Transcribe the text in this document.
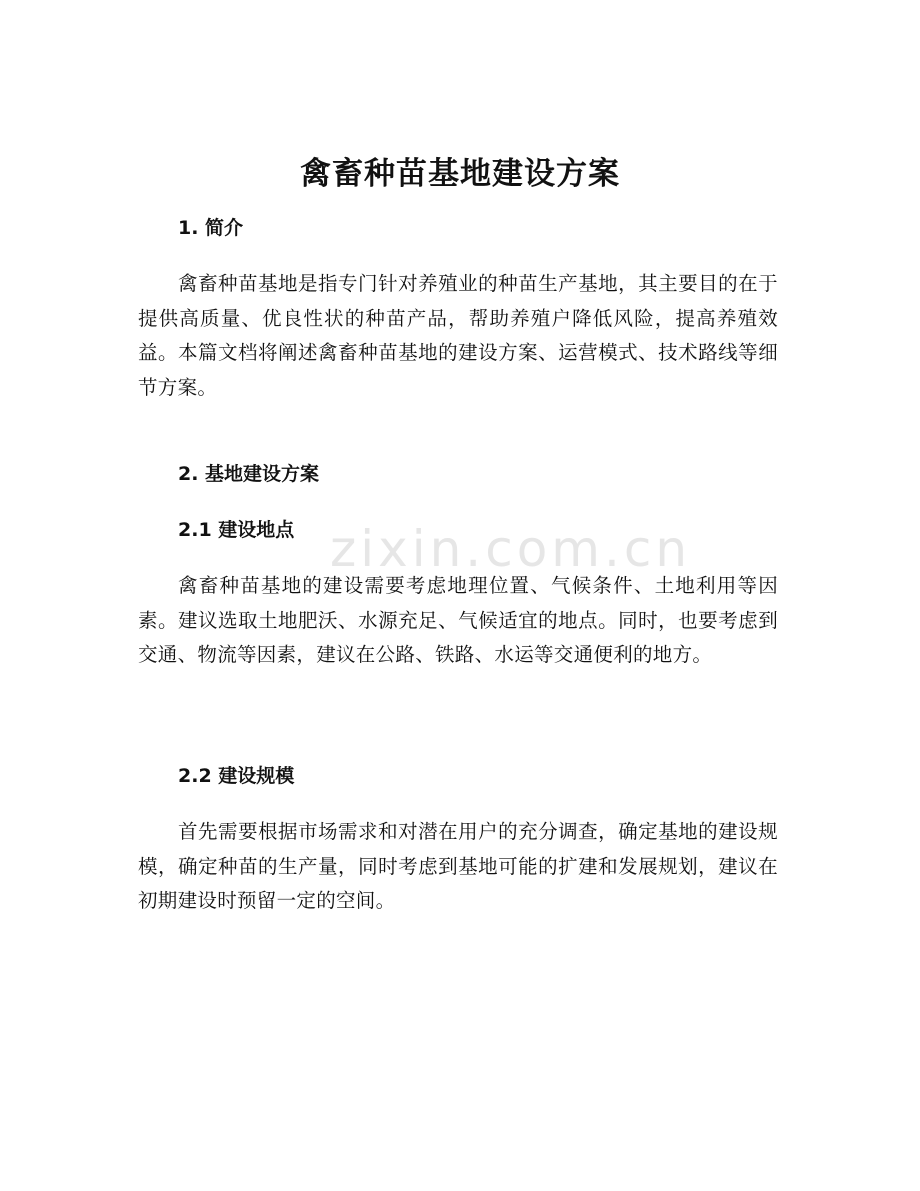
zixin.com.cn
禽畜种苗基地建设方案
1. 简介

禽畜种苗基地是指专门针对养殖业的种苗生产基地，其主要目的在于提供高质量、优良性状的种苗产品，帮助养殖户降低风险，提高养殖效益。本篇文档将阐述禽畜种苗基地的建设方案、运营模式、技术路线等细节方案。

2. 基地建设方案
2.1 建设地点

禽畜种苗基地的建设需要考虑地理位置、气候条件、土地利用等因素。建议选取土地肥沃、水源充足、气候适宜的地点。同时，也要考虑到交通、物流等因素，建议在公路、铁路、水运等交通便利的地方。

2.2 建设规模

首先需要根据市场需求和对潜在用户的充分调查，确定基地的建设规模，确定种苗的生产量，同时考虑到基地可能的扩建和发展规划，建议在初期建设时预留一定的空间。
